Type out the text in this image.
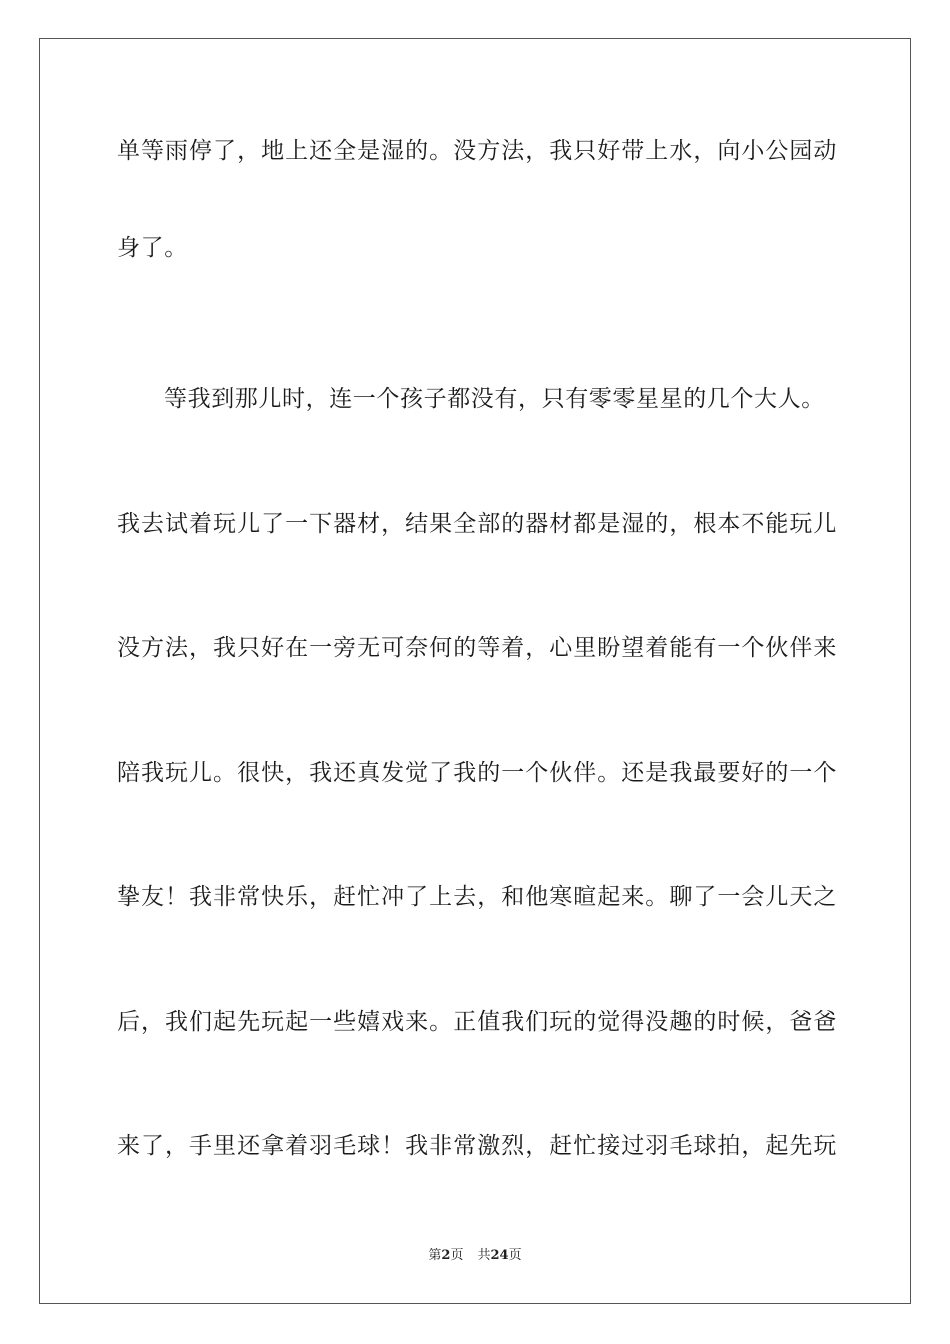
单等雨停了，地上还全是湿的。没方法，我只好带上水，向小公园动
身了。
等我到那儿时，连一个孩子都没有，只有零零星星的几个大人。
我去试着玩儿了一下器材，结果全部的器材都是湿的，根本不能玩儿
没方法，我只好在一旁无可奈何的等着，心里盼望着能有一个伙伴来
陪我玩儿。很快，我还真发觉了我的一个伙伴。还是我最要好的一个
挚友！我非常快乐，赶忙冲了上去，和他寒暄起来。聊了一会儿天之
后，我们起先玩起一些嬉戏来。正值我们玩的觉得没趣的时候，爸爸
来了，手里还拿着羽毛球！我非常激烈，赶忙接过羽毛球拍，起先玩
第2页 共24页
